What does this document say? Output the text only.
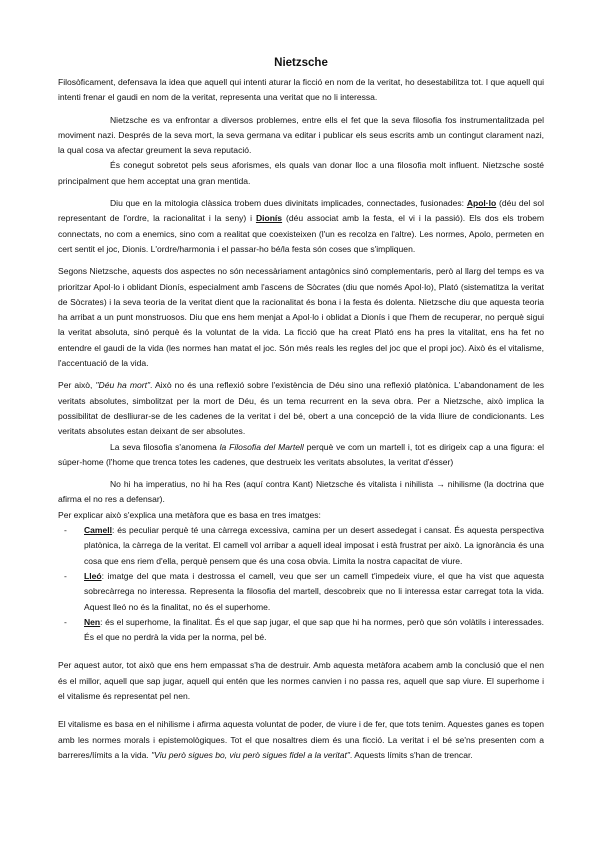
Nietzsche

Filosòficament, defensava la idea que aquell qui intenti aturar la ficció en nom de la veritat, ho desestabilitza tot. I que aquell qui intenti frenar el gaudi en nom de la veritat, representa una veritat que no li interessa.

Nietzsche es va enfrontar a diversos problemes, entre ells el fet que la seva filosofia fos instrumentalitzada pel moviment nazi. Després de la seva mort, la seva germana va editar i publicar els seus escrits amb un contingut clarament nazi, la qual cosa va afectar greument la seva reputació.

És conegut sobretot pels seus aforismes, els quals van donar lloc a una filosofia molt influent. Nietzsche sosté principalment que hem acceptat una gran mentida.

Diu que en la mitologia clàssica trobem dues divinitats implicades, connectades, fusionades: Apol·lo (déu del sol representant de l'ordre, la racionalitat i la seny) i Dionís (déu associat amb la festa, el vi i la passió). Els dos els trobem connectats, no com a enemics, sino com a realitat que coexisteixen (l'un es recolza en l'altre). Les normes, Apolo, permeten en cert sentit el joc, Dionis. L'ordre/harmonia i el passar-ho bé/la festa són coses que s'impliquen.

Segons Nietzsche, aquests dos aspectes no són necessàriament antagònics sinó complementaris, però al llarg del temps es va prioritzar Apol·lo i oblidant Dionís, especialment amb l'ascens de Sòcrates (diu que només Apol·lo), Plató (sistematitza la veritat de Sòcrates) i la seva teoria de la veritat dient que la racionalitat és bona i la festa és dolenta. Nietzsche diu que aquesta teoria ha arribat a un punt monstruosos. Diu que ens hem menjat a Apol·lo i oblidat a Dionís i que l'hem de recuperar, no perquè sigui la veritat absoluta, sinó perquè és la voluntat de la vida. La ficció que ha creat Plató ens ha pres la vitalitat, ens ha fet no entendre el gaudi de la vida (les normes han matat el joc. Són més reals les regles del joc que el propi joc). Això és el vitalisme, l'accentuació de la vida.

Per això, "Déu ha mort". Això no és una reflexió sobre l'existència de Déu sino una reflexió platònica. L'abandonament de les veritats absolutes, simbolitzat per la mort de Déu, és un tema recurrent en la seva obra. Per a Nietzsche, això implica la possibilitat de deslliurar-se de les cadenes de la veritat i del bé, obert a una concepció de la vida lliure de condicionants. Les veritats absolutes estan deixant de ser absolutes.

La seva filosofia s'anomena la Filosofia del Martell perquè ve com un martell i, tot es dirigeix cap a una figura: el súper-home (l'home que trenca totes les cadenes, que destrueix les veritats absolutes, la veritat d'ésser)

No hi ha imperatius, no hi ha Res (aquí contra Kant) Nietzsche és vitalista i nihilista → nihilisme (la doctrina que afirma el no res a defensar).

Per explicar això s'explica una metàfora que es basa en tres imatges:

- Camell: és peculiar perquè té una càrrega excessiva, camina per un desert assedegat i cansat. És aquesta perspectiva platònica, la càrrega de la veritat. El camell vol arribar a aquell ideal imposat i està frustrat per això. La ignorància és una cosa que ens riem d'ella, perquè pensem que és una cosa obvia. Limita la nostra capacitat de viure.
- Lleó: imatge del que mata i destrossa el camell, veu que ser un camell t'impedeix viure, el que ha vist que aquesta sobrecàrrega no interessa. Representa la filosofia del martell, descobreix que no li interessa estar carregat tota la vida. Aquest lleó no és la finalitat, no és el superhome.
- Nen: és el superhome, la finalitat. És el que sap jugar, el que sap que hi ha normes, però que són volàtils i interessades. És el que no perdrà la vida per la norma, pel bé.

Per aquest autor, tot això que ens hem empassat s'ha de destruir. Amb aquesta metàfora acabem amb la conclusió que el nen és el millor, aquell que sap jugar, aquell qui entén que les normes canvien i no passa res, aquell que sap viure. El superhome i el vitalisme és representat pel nen.

El vitalisme es basa en el nihilisme i afirma aquesta voluntat de poder, de viure i de fer, que tots tenim. Aquestes ganes es topen amb les normes morals i epistemològiques. Tot el que nosaltres diem és una ficció. La veritat i el bé se'ns presenten com a barreres/límits a la vida. "Viu però sigues bo, viu però sigues fidel a la veritat". Aquests límits s'han de trencar.
